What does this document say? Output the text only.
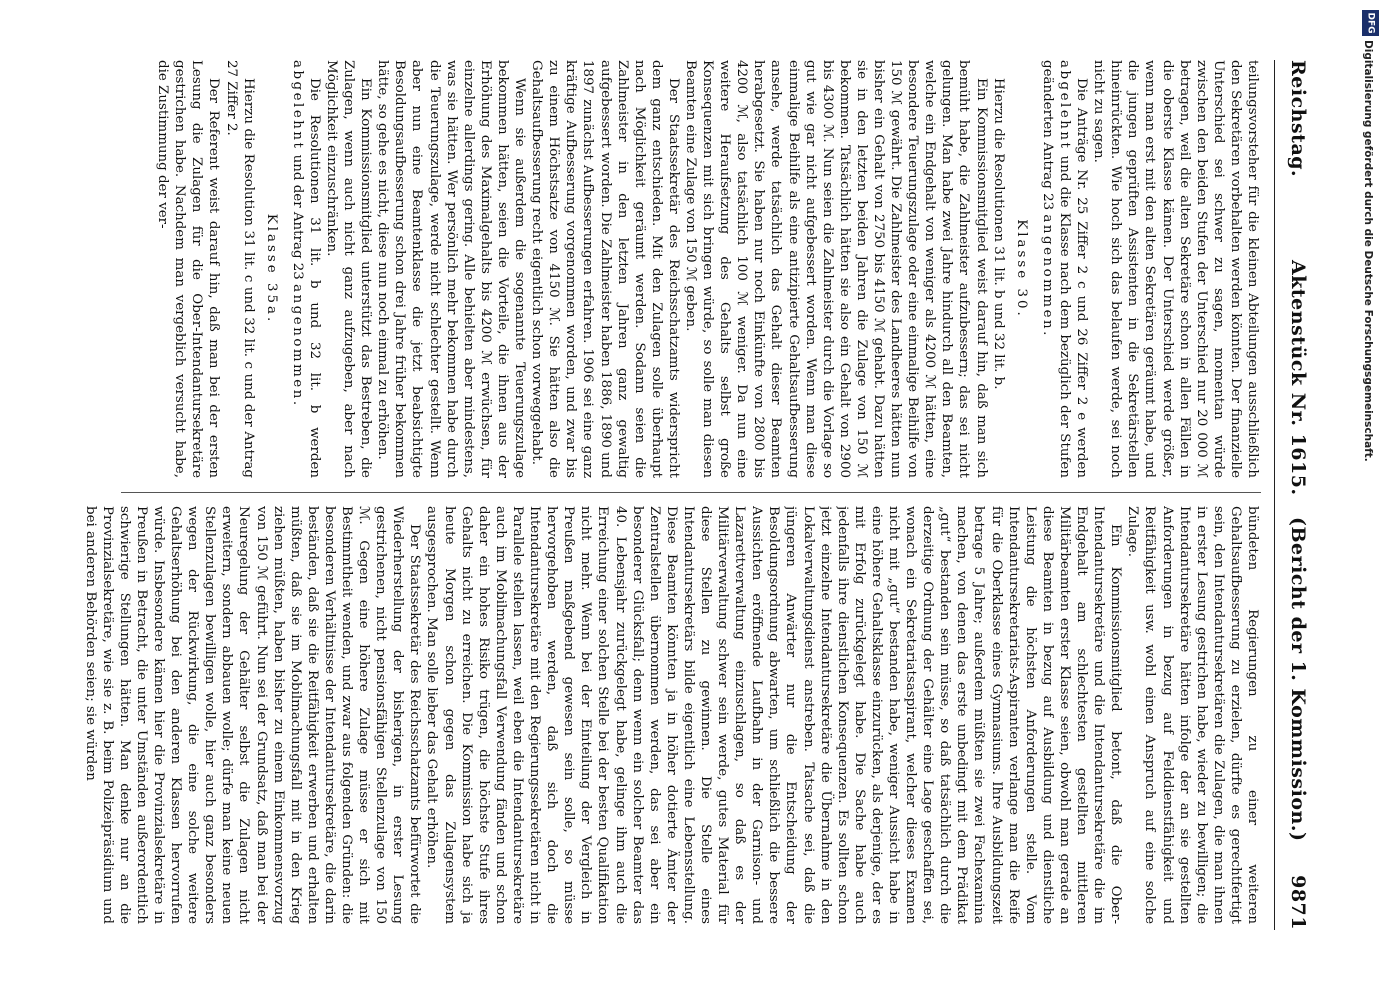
Reichstag.
Aktenstück Nr. 1615.   (Bericht der 1. Kommission.)
9871

teilungsvorsteher für die kleinen Abteilungen ausschließlich den Sekretären vorbehalten werden könnten. Der finanzielle Unterschied sei schwer zu sagen, momentan würde zwischen den beiden Stufen der Unterschied nur 20 000 ℳ betragen, weil die alten Sekretäre schon in allen Fällen in die oberste Klasse kämen. Der Unterschied werde größer, wenn man erst mit den alten Sekretären geräumt habe, und die jungen geprüften Assistenten in die Sekretärstellen hineinrückten. Wie hoch sich das belaufen werde, sei noch nicht zu sagen.

Die Anträge Nr. 25 Ziffer 2 c und 26 Ziffer 2 e werden abgelehnt und die Klasse nach dem bezüglich der Stufen geänderten Antrag 23 angenommen.

Klasse 30.

Hierzu die Resolutionen 31 lit. b und 32 lit. b.

Ein Kommissionsmitglied weist darauf hin, daß man sich bemüht habe, die Zahlmeister aufzubessern; das sei nicht gelungen. Man habe zwei Jahre hindurch all den Beamten, welche ein Endgehalt von weniger als 4200 ℳ hätten, eine besondere Teuerungszulage oder eine einmalige Beihilfe von 150 ℳ gewährt. Die Zahlmeister des Landheeres hätten nun bisher ein Gehalt von 2750 bis 4150 ℳ gehabt. Dazu hätten sie in den letzten beiden Jahren die Zulage von 150 ℳ bekommen. Tatsächlich hätten sie also ein Gehalt von 2900 bis 4300 ℳ. Nun seien die Zahlmeister durch die Vorlage so gut wie gar nicht aufgebessert worden. Wenn man diese einmalige Beihilfe als eine antizipierte Gehaltsaufbesserung ansehe, werde tatsächlich das Gehalt dieser Beamten herabgesetzt. Sie haben nur noch Einkünfte von 2800 bis 4200 ℳ, also tatsächlich 100 ℳ weniger. Da nun eine weitere Heraufsetzung des Gehalts selbst große Konsequenzen mit sich bringen würde, so solle man diesen Beamten eine Zulage von 150 ℳ geben.

Der Staatssekretär des Reichsschatzamts widerspricht dem ganz entschieden. Mit den Zulagen solle überhaupt nach Möglichkeit geräumt werden. Sodann seien die Zahlmeister in den letzten Jahren ganz gewaltig aufgebessert worden. Die Zahlmeister haben 1886, 1890 und 1897 zunächst Aufbesserungen erfahren. 1906 sei eine ganz kräftige Aufbesserung vorgenommen worden, und zwar bis zu einem Höchstsatze von 4150 ℳ. Sie hätten also die Gehaltsaufbesserung recht eigentlich schon vorweggehabt.

Wenn sie außerdem die sogenannte Teuerungszulage bekommen hätten, seien die Vorteile, die ihnen aus der Erhöhung des Maximalgehalts bis 4200 ℳ erwüchsen, für einzelne allerdings gering. Alle behielten aber mindestens, was sie hätten. Wer persönlich mehr bekommen habe durch die Teuerungszulage, werde nicht schlechter gestellt. Wenn aber nun eine Beamtenklasse die jetzt beabsichtigte Besoldungsaufbesserung schon drei Jahre früher bekommen hätte, so gehe es nicht, diese nun noch einmal zu erhöhen.

Ein Kommissionsmitglied unterstützt das Bestreben, die Zulagen, wenn auch nicht ganz aufzugeben, aber nach Möglichkeit einzuschränken.

Die Resolutionen 31 lit. b und 32 lit. b werden abgelehnt und der Antrag 23 angenommen.

Klasse 35a.

Hierzu die Resolution 31 lit. c und 32 lit. c und der Antrag 27 Ziffer 2.

Der Referent weist darauf hin, daß man bei der ersten Lesung die Zulagen für die Ober-Intendantursekretäre gestrichen habe. Nachdem man vergeblich versucht habe, die Zustimmung der ver-

bündeten Regierungen zu einer weiteren Gehaltsaufbesserung zu erzielen, dürfte es gerechtfertigt sein, den Intendantursekretären die Zulagen, die man ihnen in erster Lesung gestrichen habe, wieder zu bewilligen; die Intendantursekretäre hätten infolge der an sie gestellten Anforderungen in bezug auf Felddienstfähigkeit und Reitfähigkeit usw. wohl einen Anspruch auf eine solche Zulage.

Ein Kommissionsmitglied betont, daß die Ober-Intendantursekretäre und die Intendantursekretäre die im Endgehalt am schlechtesten gestellten mittleren Militärbeamten erster Klasse seien, obwohl man gerade an diese Beamten in bezug auf Ausbildung und dienstliche Leistung die höchsten Anforderungen stelle. Vom Intendantursekretariats-Aspiranten verlange man die Reife für die Oberklasse eines Gymnasiums. Ihre Ausbildungszeit betrage 5 Jahre; außerdem müßten sie zwei Fachexamina machen, von denen das erste unbedingt mit dem Prädikat „gut“ bestanden sein müsse, so daß tatsächlich durch die derzeitige Ordnung der Gehälter eine Lage geschaffen sei, wonach ein Sekretariatsaspirant, welcher dieses Examen nicht mit „gut“ bestanden habe, weniger Aussicht habe in eine höhere Gehaltsklasse einzurücken, als derjenige, der es mit Erfolg zurückgelegt habe. Die Sache habe auch jedenfalls ihre dienstlichen Konsequenzen. Es sollten schon jetzt einzelne Intendantursekretäre die Übernahme in den Lokalverwaltungsdienst anstreben. Tatsache sei, daß die jüngeren Anwärter nur die Entscheidung der Besoldungsordnung abwarten, um schließlich die bessere Aussichten eröffnende Laufbahn in der Garnison- und Lazarettverwaltung einzuschlagen, so daß es der Militärverwaltung schwer sein werde, gutes Material für diese Stellen zu gewinnen. Die Stelle eines Intendantursekretärs bilde eigentlich eine Lebensstellung. Diese Beamten könnten ja in höher dotierte Ämter der Zentralstellen übernommen werden, das sei aber ein besonderer Glücksfall; denn wenn ein solcher Beamter das 40. Lebensjahr zurückgelegt habe, gelinge ihm auch die Erreichung einer solchen Stelle bei der besten Qualifikation nicht mehr. Wenn bei der Einteilung der Vergleich in Preußen maßgebend gewesen sein solle, so müsse hervorgehoben werden, daß sich doch die Intendantursekretäre mit den Regierungssekretären nicht in Parallele stellen lassen, weil eben die Intendantursekretäre auch im Mobilmachungsfall Verwendung fänden und schon daher ein hohes Risiko trügen, die höchste Stufe ihres Gehalts nicht zu erreichen. Die Kommission habe sich ja heute Morgen schon gegen das Zulagensystem ausgesprochen. Man solle lieber das Gehalt erhöhen.

Der Staatssekretär des Reichsschatzamts befürwortet die Wiederherstellung der bisherigen, in erster Lesung gestrichenen, nicht pensionsfähigen Stellenzulage von 150 ℳ. Gegen eine höhere Zulage müsse er sich mit Bestimmtheit wenden, und zwar aus folgenden Gründen: die besonderen Verhältnisse der Intendantursekretäre, die darin beständen, daß sie die Reitfähigkeit erwerben und erhalten müßten, daß sie im Mobilmachungsfall mit in den Krieg ziehen müßten, haben bisher zu einem Einkommensvorzug von 150 ℳ geführt. Nun sei der Grundsatz, daß man bei der Neuregelung der Gehälter selbst die Zulagen nicht erweitern, sondern abbauen wolle; dürfe man keine neuen Stellenzulagen bewilligen wolle, hier auch ganz besonders wegen der Rückwirkung, die eine solche weitere Gehaltserhöhung bei den anderen Klassen hervorrufen würde. Insbesondere kämen hier die Provinzialsekretäre in Preußen in Betracht, die unter Umständen außerordentlich schwierige Stellungen hätten. Man denke nur an die Provinzialsekretäre, wie sie z. B. beim Polizeipräsidium und bei anderen Behörden seien; sie würden

DFG
Digitalisierung gefördert durch die Deutsche Forschungsgemeinschaft.
